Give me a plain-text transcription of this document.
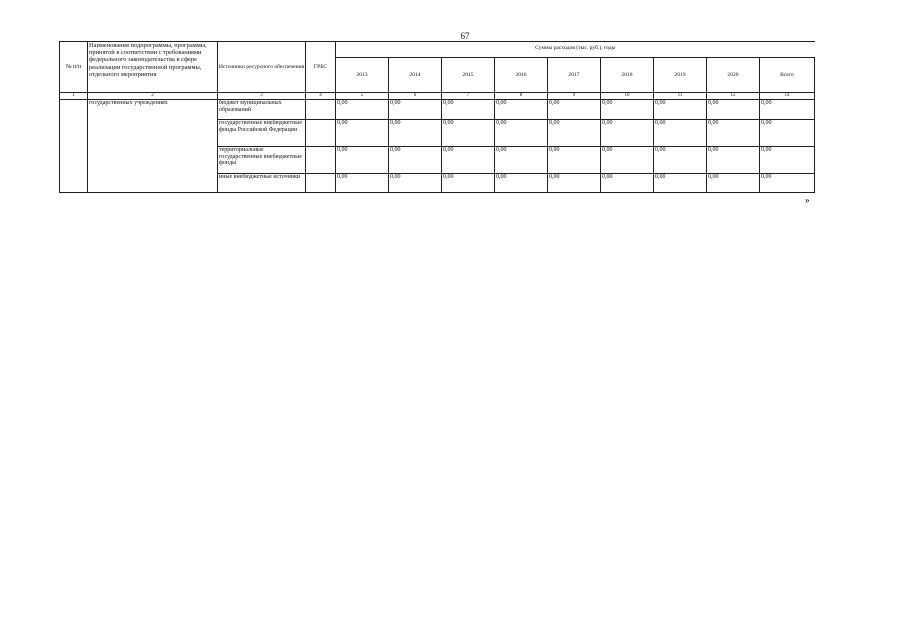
67
№ п/п	Наименования подпрограммы, программы, принятой в соответствии с требованиями федерального законодательства в сфере реализации государственной программы, отдельного мероприятия	Источники ресурсного обеспечения	ГРБС	Суммы расходов (тыс. руб.), годы								
				2013	2014	2015	2016	2017	2018	2019	2020	Всего
1	2	3	4	5	6	7	8	9	10	11	12	14
	государственных учреждениях	бюджет муниципальных образований		0,00	0,00	0,00	0,00	0,00	0,00	0,00	0,00	0,00
		государственные внебюджетные фонды Российской Федерации		0,00	0,00	0,00	0,00	0,00	0,00	0,00	0,00	0,00
		территориальные государственные внебюджетные фонды		0,00	0,00	0,00	0,00	0,00	0,00	0,00	0,00	0,00
		иные внебюджетные источники		0,00	0,00	0,00	0,00	0,00	0,00	0,00	0,00	0,00
»
